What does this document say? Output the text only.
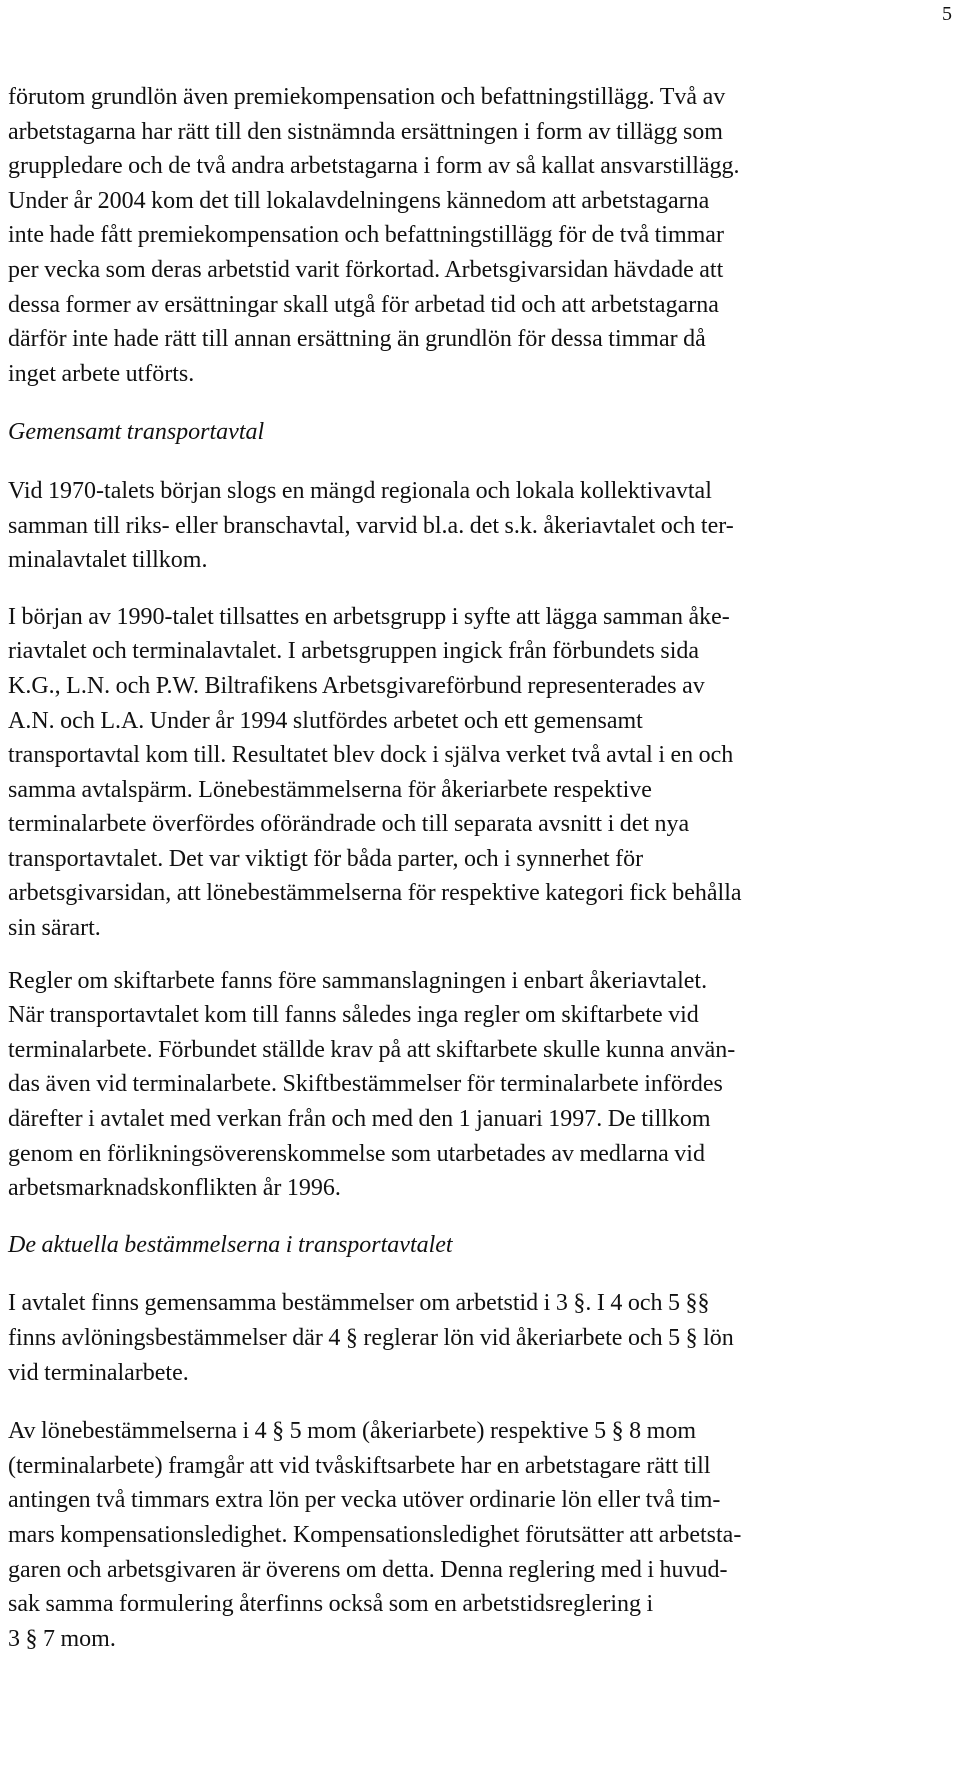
5

förutom grundlön även premiekompensation och befattningstillägg. Två av

arbetstagarna har rätt till den sistnämnda ersättningen i form av tillägg som

gruppledare och de två andra arbetstagarna i form av så kallat ansvarstillägg.

Under år 2004 kom det till lokalavdelningens kännedom att arbetstagarna

inte hade fått premiekompensation och befattningstillägg för de två timmar

per vecka som deras arbetstid varit förkortad. Arbetsgivarsidan hävdade att

dessa former av ersättningar skall utgå för arbetad tid och att arbetstagarna

därför inte hade rätt till annan ersättning än grundlön för dessa timmar då

inget arbete utförts.

Gemensamt transportavtal

Vid 1970-talets början slogs en mängd regionala och lokala kollektivavtal

samman till riks- eller branschavtal, varvid bl.a. det s.k. åkeriavtalet och ter-

minalavtalet tillkom.

I början av 1990-talet tillsattes en arbetsgrupp i syfte att lägga samman åke-

riavtalet och terminalavtalet. I arbetsgruppen ingick från förbundets sida

K.G., L.N. och P.W. Biltrafikens Arbetsgivareförbund representerades av

A.N. och L.A. Under år 1994 slutfördes arbetet och ett gemensamt

transportavtal kom till. Resultatet blev dock i själva verket två avtal i en och

samma avtalspärm. Lönebestämmelserna för åkeriarbete respektive

terminalarbete överfördes oförändrade och till separata avsnitt i det nya

transportavtalet. Det var viktigt för båda parter, och i synnerhet för

arbetsgivarsidan, att lönebestämmelserna för respektive kategori fick behålla

sin särart.

Regler om skiftarbete fanns före sammanslagningen i enbart åkeriavtalet.

När transportavtalet kom till fanns således inga regler om skiftarbete vid

terminalarbete. Förbundet ställde krav på att skiftarbete skulle kunna använ-

das även vid terminalarbete. Skiftbestämmelser för terminalarbete infördes

därefter i avtalet med verkan från och med den 1 januari 1997. De tillkom

genom en förlikningsöverenskommelse som utarbetades av medlarna vid

arbetsmarknadskonflikten år 1996.

De aktuella bestämmelserna i transportavtalet

I avtalet finns gemensamma bestämmelser om arbetstid i 3 §. I 4 och 5 §§

finns avlöningsbestämmelser där 4 § reglerar lön vid åkeriarbete och 5 § lön

vid terminalarbete.

Av lönebestämmelserna i 4 § 5 mom (åkeriarbete) respektive 5 § 8 mom

(terminalarbete) framgår att vid tvåskiftsarbete har en arbetstagare rätt till

antingen två timmars extra lön per vecka utöver ordinarie lön eller två tim-

mars kompensationsledighet. Kompensationsledighet förutsätter att arbetsta-

garen och arbetsgivaren är överens om detta. Denna reglering med i huvud-

sak samma formulering återfinns också som en arbetstidsreglering i

3 § 7 mom.
